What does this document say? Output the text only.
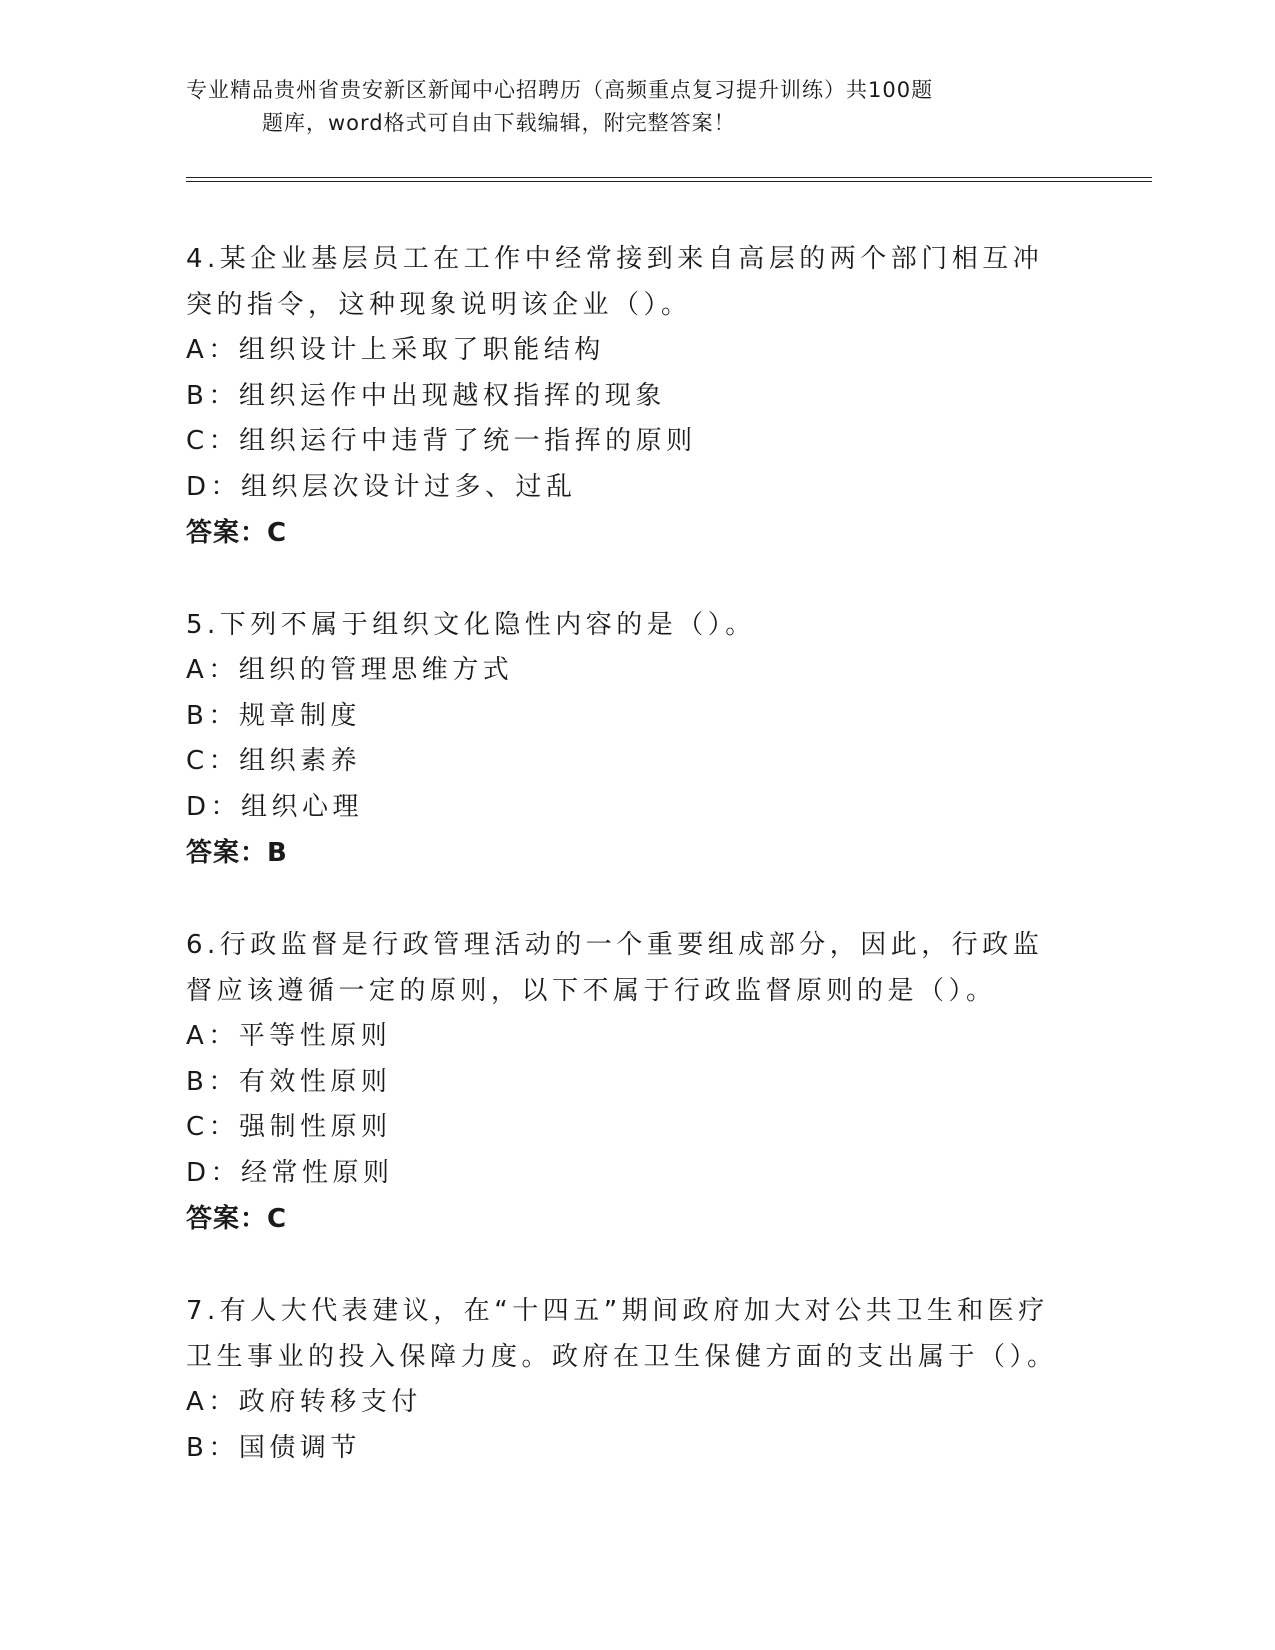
专业精品贵州省贵安新区新闻中心招聘历（高频重点复习提升训练）共100题
题库，word格式可自由下载编辑，附完整答案！
4.某企业基层员工在工作中经常接到来自高层的两个部门相互冲突的指令，这种现象说明该企业（）。
A：组织设计上采取了职能结构
B：组织运作中出现越权指挥的现象
C：组织运行中违背了统一指挥的原则
D：组织层次设计过多、过乱
答案：C
5.下列不属于组织文化隐性内容的是（）。
A：组织的管理思维方式
B：规章制度
C：组织素养
D：组织心理
答案：B
6.行政监督是行政管理活动的一个重要组成部分，因此，行政监督应该遵循一定的原则，以下不属于行政监督原则的是（）。
A：平等性原则
B：有效性原则
C：强制性原则
D：经常性原则
答案：C
7.有人大代表建议，在“十四五”期间政府加大对公共卫生和医疗卫生事业的投入保障力度。政府在卫生保健方面的支出属于（）。
A：政府转移支付
B：国债调节
